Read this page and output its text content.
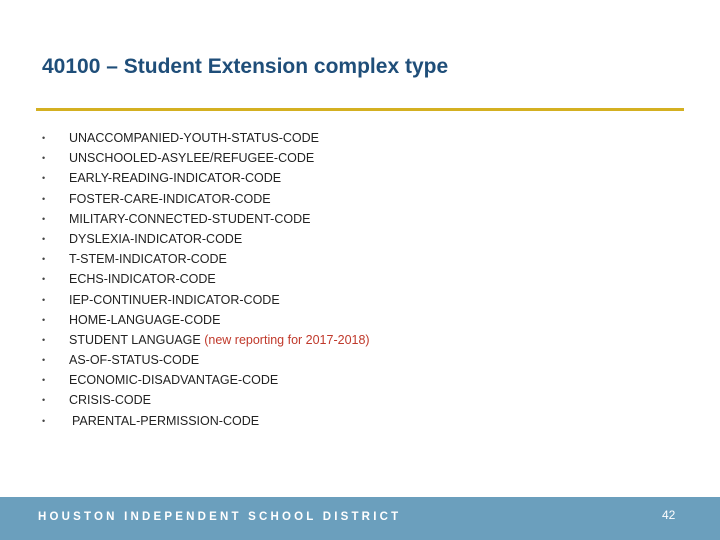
40100 – Student Extension complex type
•	UNACCOMPANIED-YOUTH-STATUS-CODE
•	UNSCHOOLED-ASYLEE/REFUGEE-CODE
•	EARLY-READING-INDICATOR-CODE
•	FOSTER-CARE-INDICATOR-CODE
•	MILITARY-CONNECTED-STUDENT-CODE
•	DYSLEXIA-INDICATOR-CODE
•	T-STEM-INDICATOR-CODE
•	ECHS-INDICATOR-CODE
•	IEP-CONTINUER-INDICATOR-CODE
•	HOME-LANGUAGE-CODE
•	STUDENT LANGUAGE (new reporting for 2017-2018)
•	AS-OF-STATUS-CODE
•	ECONOMIC-DISADVANTAGE-CODE
•	CRISIS-CODE
•	PARENTAL-PERMISSION-CODE
HOUSTON INDEPENDENT SCHOOL DISTRICT	42
